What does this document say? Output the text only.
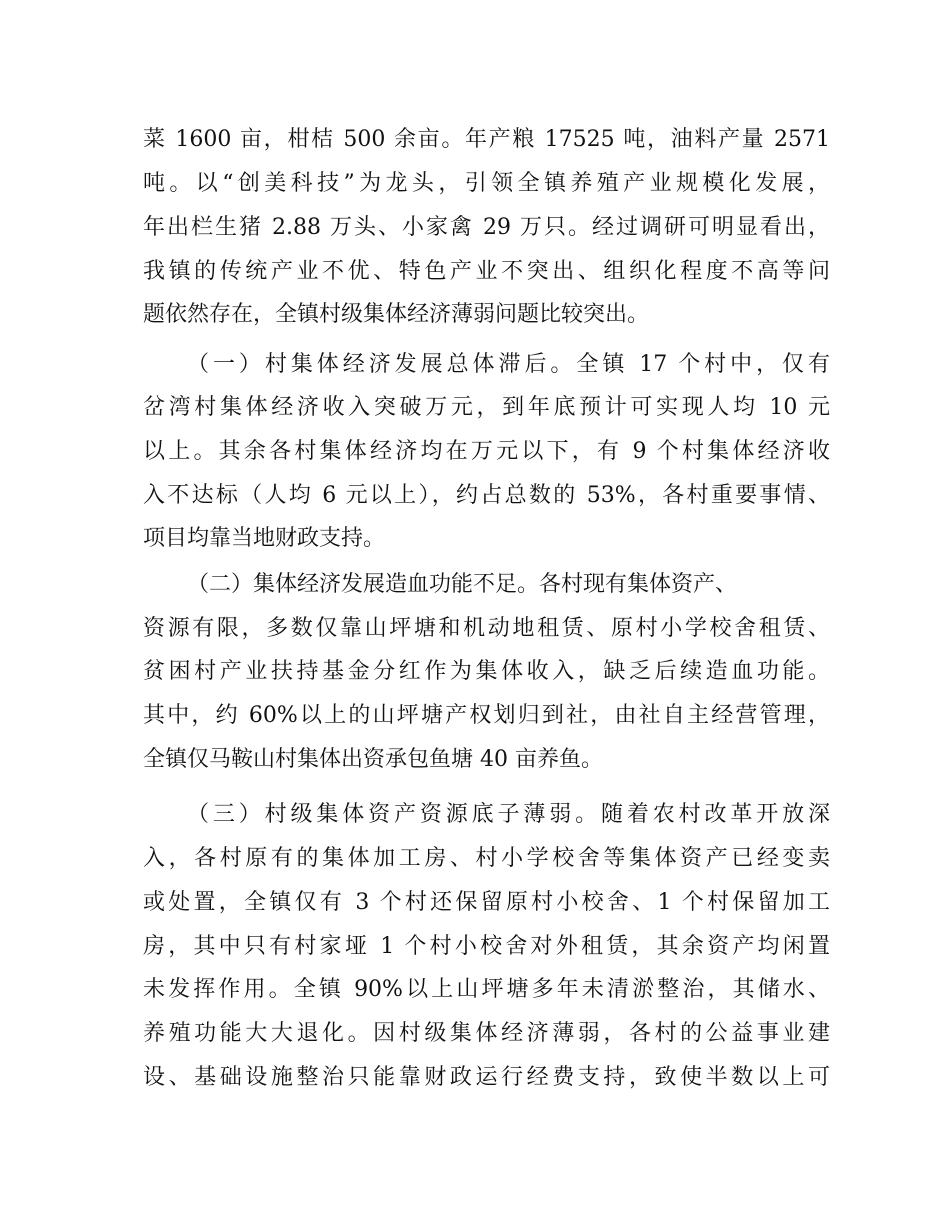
菜 1600 亩，柑桔 500 余亩。年产粮 17525 吨，油料产量 2571
吨。以“创美科技”为龙头，引领全镇养殖产业规模化发展，
年出栏生猪 2.88 万头、小家禽 29 万只。经过调研可明显看出，
我镇的传统产业不优、特色产业不突出、组织化程度不高等问
题依然存在，全镇村级集体经济薄弱问题比较突出。
（一）村集体经济发展总体滞后。全镇 17 个村中，仅有
岔湾村集体经济收入突破万元，到年底预计可实现人均 10 元
以上。其余各村集体经济均在万元以下，有 9 个村集体经济收
入不达标（人均 6 元以上），约占总数的 53%，各村重要事情、
项目均靠当地财政支持。
（二）集体经济发展造血功能不足。各村现有集体资产、
资源有限，多数仅靠山坪塘和机动地租赁、原村小学校舍租赁、
贫困村产业扶持基金分红作为集体收入，缺乏后续造血功能。
其中，约 60%以上的山坪塘产权划归到社，由社自主经营管理，
全镇仅马鞍山村集体出资承包鱼塘 40 亩养鱼。
（三）村级集体资产资源底子薄弱。随着农村改革开放深
入，各村原有的集体加工房、村小学校舍等集体资产已经变卖
或处置，全镇仅有 3 个村还保留原村小校舍、1 个村保留加工
房，其中只有村家垭 1 个村小校舍对外租赁，其余资产均闲置
未发挥作用。全镇 90%以上山坪塘多年未清淤整治，其储水、
养殖功能大大退化。因村级集体经济薄弱，各村的公益事业建
设、基础设施整治只能靠财政运行经费支持，致使半数以上可
